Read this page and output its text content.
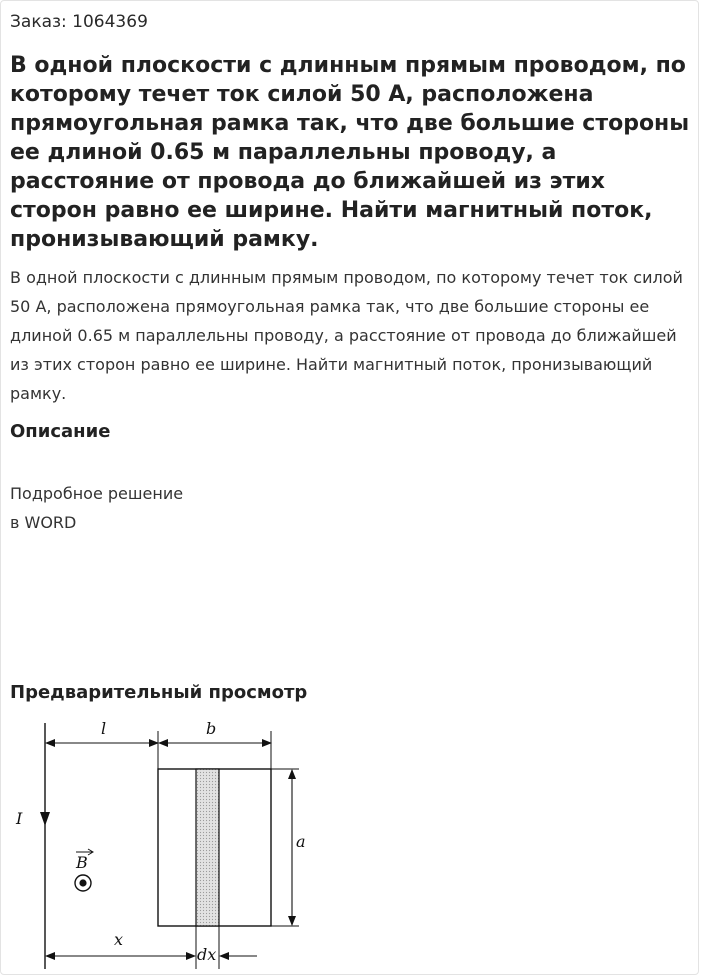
Заказ: 1064369
В одной плоскости с длинным прямым проводом, по которому течет ток силой 50 А, расположена прямоугольная рамка так, что две большие стороны ее длиной 0.65 м параллельны проводу, а расстояние от провода до ближайшей из этих сторон равно ее ширине. Найти магнитный поток, пронизывающий рамку.

В одной плоскости с длинным прямым проводом, по которому течет ток силой 50 А, расположена прямоугольная рамка так, что две большие стороны ее длиной 0.65 м параллельны проводу, а расстояние от провода до ближайшей из этих сторон равно ее ширине. Найти магнитный поток, пронизывающий рамку.

Описание
Подробное решение
в WORD
Предварительный просмотр
I
l	b
a
B
x
dx
